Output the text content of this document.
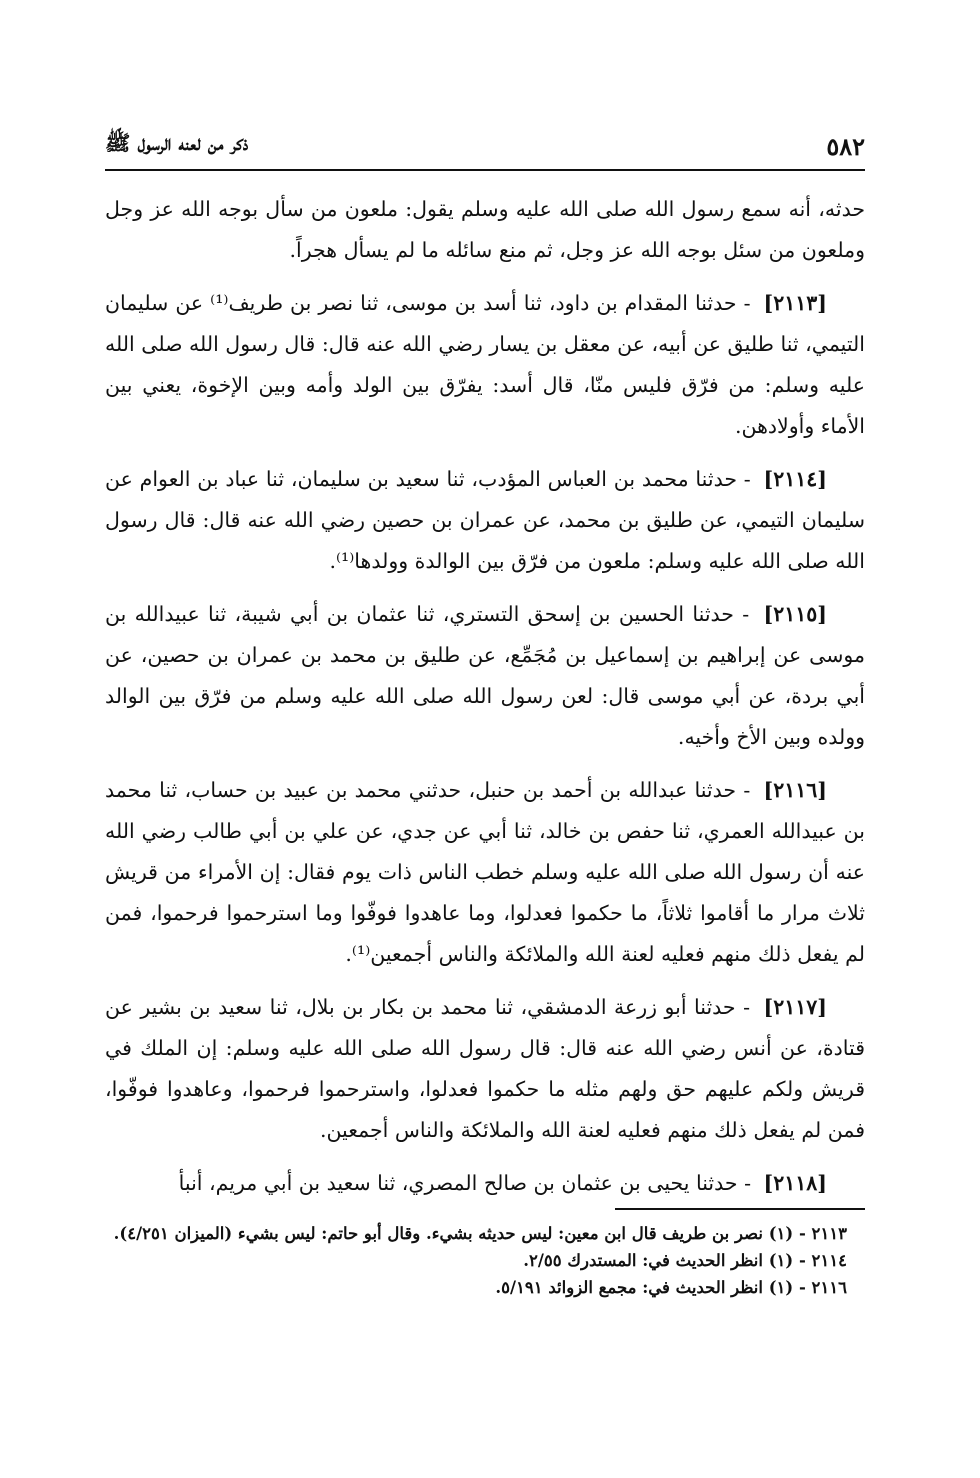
٥٨٢
ذكر من لعنه الرسول ﷺ

حدثه، أنه سمع رسول الله صلى الله عليه وسلم يقول: ملعون من سأل بوجه الله عز وجل وملعون من سئل بوجه الله عز وجل، ثم منع سائله ما لم يسأل هجراً.

[٢١١٣] - حدثنا المقدام بن داود، ثنا أسد بن موسى، ثنا نصر بن طريف⁽¹⁾ عن سليمان التيمي، ثنا طليق عن أبيه، عن معقل بن يسار رضي الله عنه قال: قال رسول الله صلى الله عليه وسلم: من فرّق فليس منّا، قال أسد: يفرّق بين الولد وأمه وبين الإخوة، يعني بين الأماء وأولادهن.

[٢١١٤] - حدثنا محمد بن العباس المؤدب، ثنا سعيد بن سليمان، ثنا عباد بن العوام عن سليمان التيمي، عن طليق بن محمد، عن عمران بن حصين رضي الله عنه قال: قال رسول الله صلى الله عليه وسلم: ملعون من فرّق بين الوالدة وولدها⁽¹⁾.

[٢١١٥] - حدثنا الحسين بن إسحق التستري، ثنا عثمان بن أبي شيبة، ثنا عبيدالله بن موسى عن إبراهيم بن إسماعيل بن مُجَمِّع، عن طليق بن محمد بن عمران بن حصين، عن أبي بردة، عن أبي موسى قال: لعن رسول الله صلى الله عليه وسلم من فرّق بين الوالد وولده وبين الأخ وأخيه.

[٢١١٦] - حدثنا عبدالله بن أحمد بن حنبل، حدثني محمد بن عبيد بن حساب، ثنا محمد بن عبيدالله العمري، ثنا حفص بن خالد، ثنا أبي عن جدي، عن علي بن أبي طالب رضي الله عنه أن رسول الله صلى الله عليه وسلم خطب الناس ذات يوم فقال: إن الأمراء من قريش ثلاث مرار ما أقاموا ثلاثاً، ما حكموا فعدلوا، وما عاهدوا فوفّوا وما استرحموا فرحموا، فمن لم يفعل ذلك منهم فعليه لعنة الله والملائكة والناس أجمعين⁽¹⁾.

[٢١١٧] - حدثنا أبو زرعة الدمشقي، ثنا محمد بن بكار بن بلال، ثنا سعيد بن بشير عن قتادة، عن أنس رضي الله عنه قال: قال رسول الله صلى الله عليه وسلم: إن الملك في قريش ولكم عليهم حق ولهم مثله ما حكموا فعدلوا، واسترحموا فرحموا، وعاهدوا فوفّوا، فمن لم يفعل ذلك منهم فعليه لعنة الله والملائكة والناس أجمعين.

[٢١١٨] - حدثنا يحيى بن عثمان بن صالح المصري، ثنا سعيد بن أبي مريم، أنبأ

٢١١٣ - (١) نصر بن طريف قال ابن معين: ليس حديثه بشيء. وقال أبو حاتم: ليس بشيء (الميزان ٤/٢٥١).

٢١١٤ - (١) انظر الحديث في: المستدرك ٢/٥٥.

٢١١٦ - (١) انظر الحديث في: مجمع الزوائد ٥/١٩١.
